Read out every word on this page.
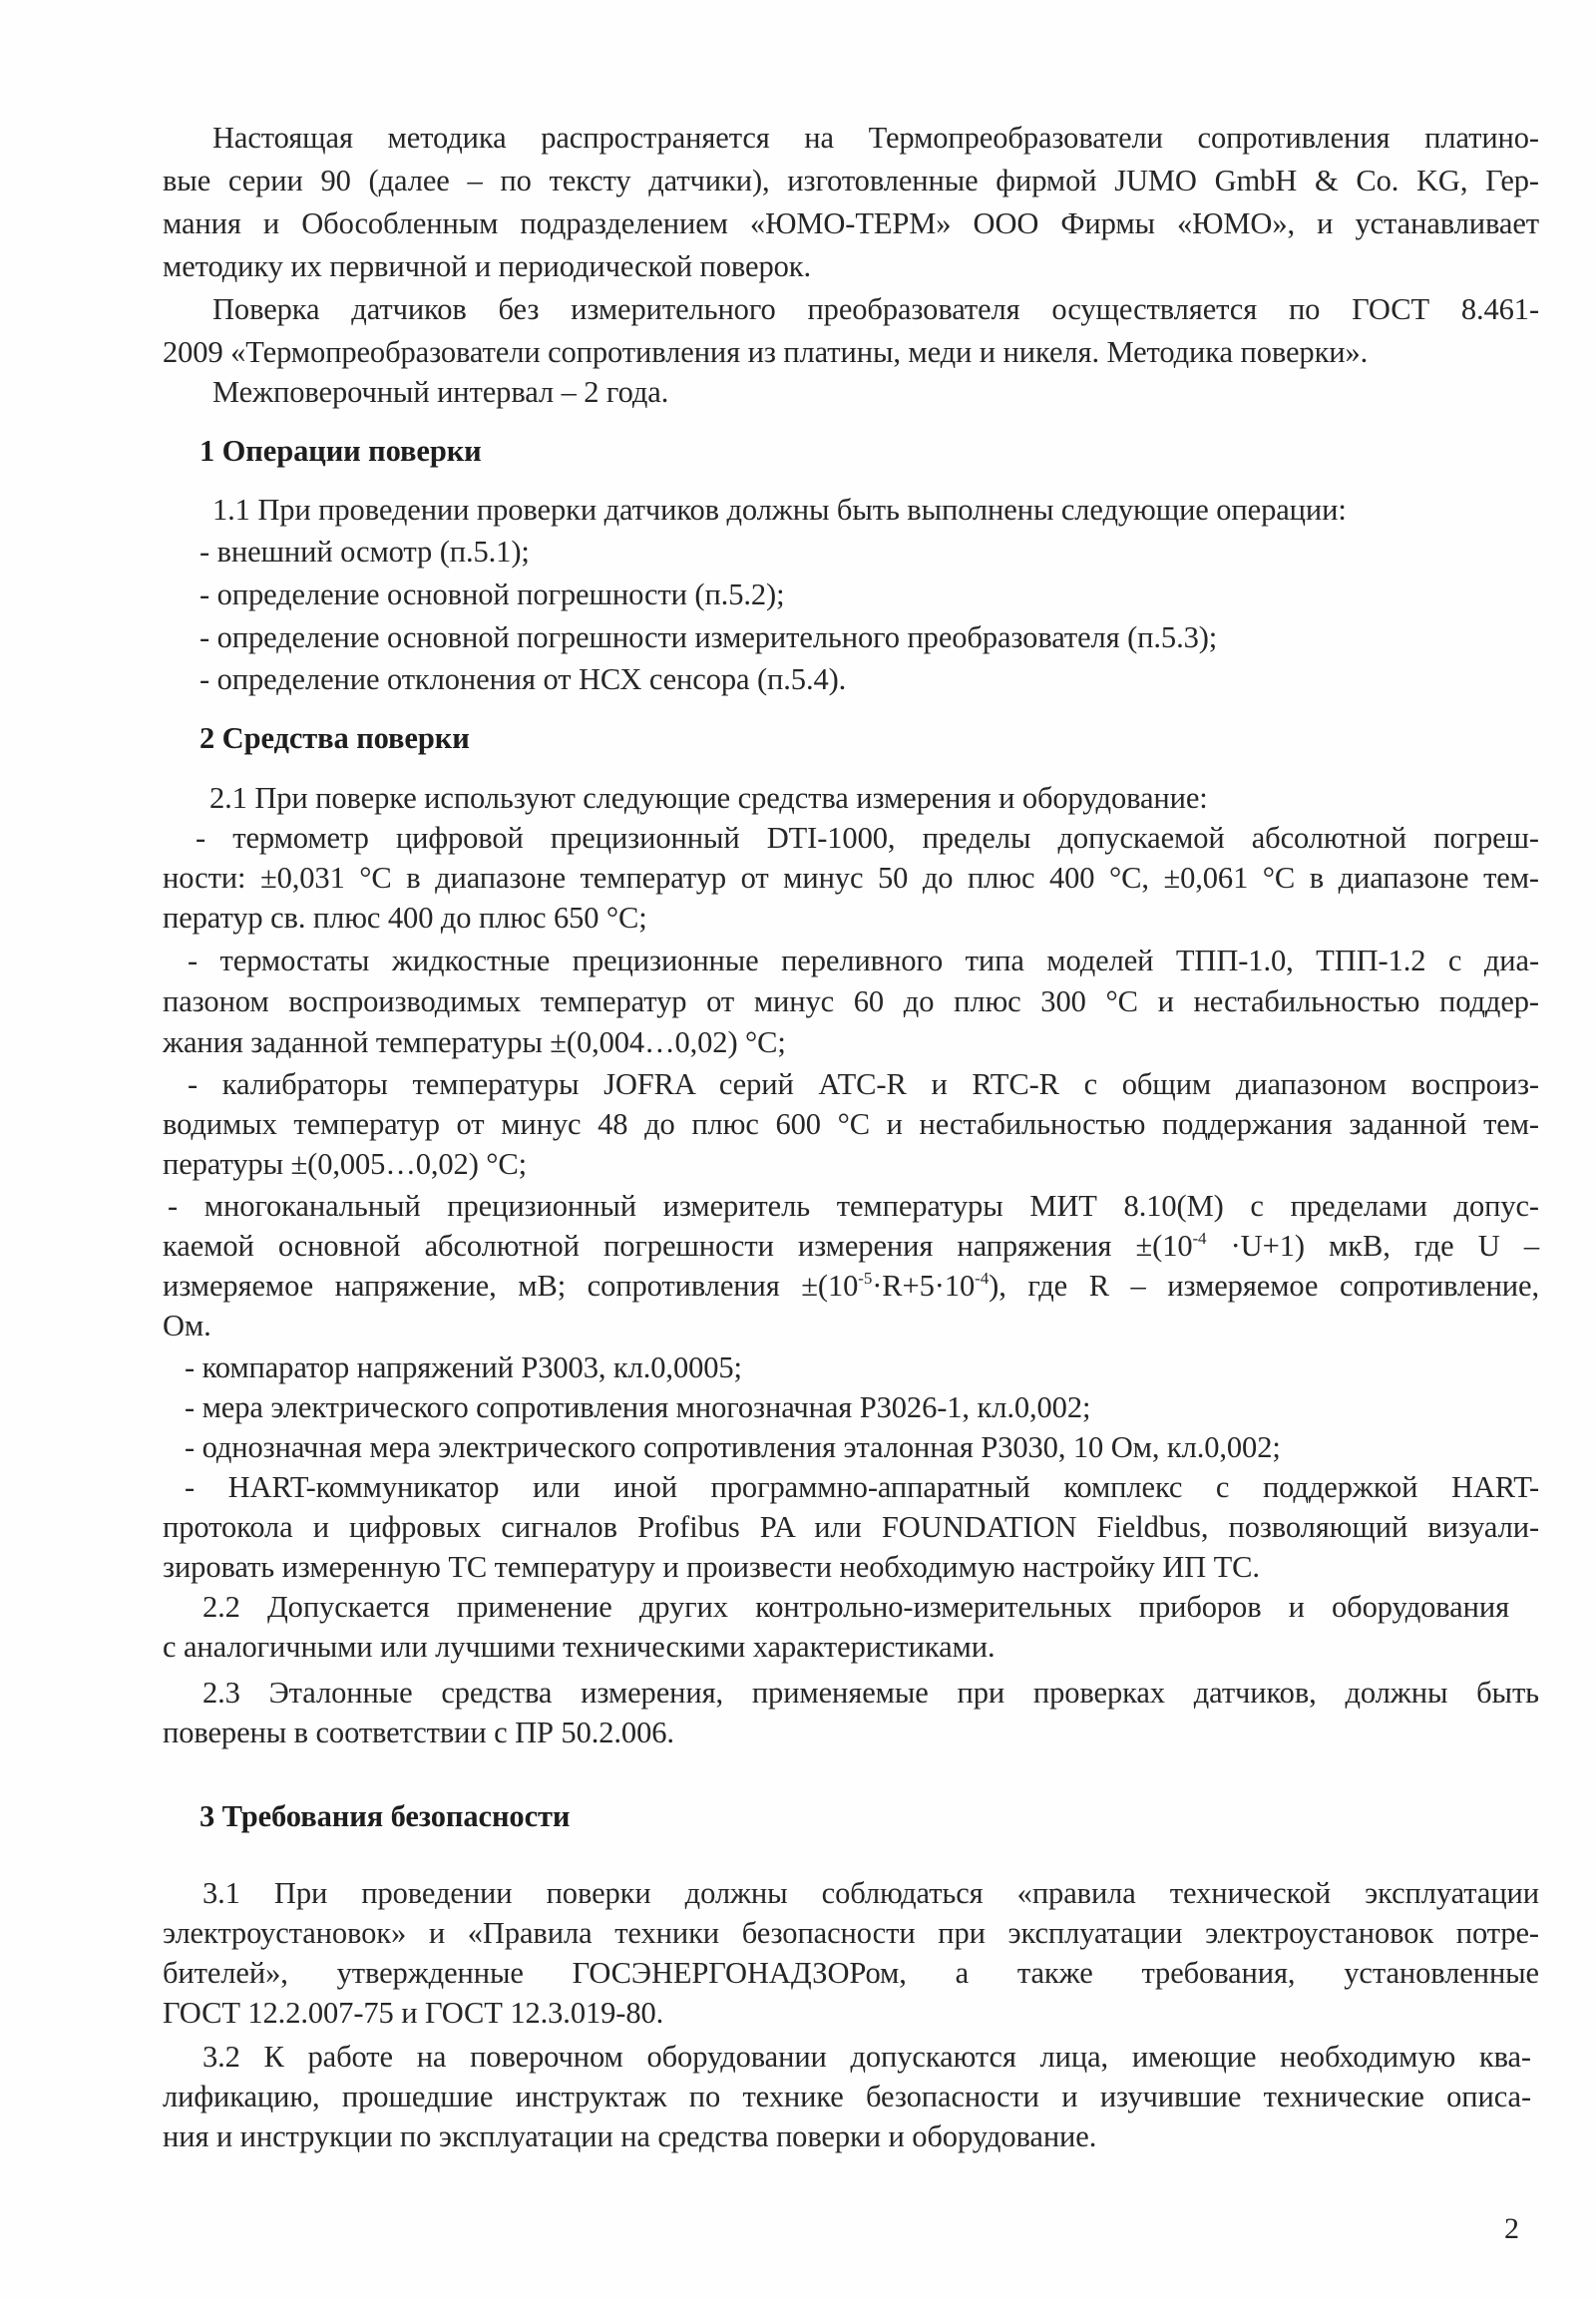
Настоящая методика распространяется на Термопреобразователи сопротивления платино-
вые серии 90 (далее – по тексту датчики), изготовленные фирмой JUMO GmbH & Co. KG, Гер-
мания и Обособленным подразделением «ЮМО-ТЕРМ» ООО Фирмы «ЮМО», и устанавливает
методику их первичной и периодической поверок.
Поверка датчиков без измерительного преобразователя осуществляется по ГОСТ 8.461-
2009 «Термопреобразователи сопротивления из платины, меди и никеля. Методика поверки».
Межповерочный интервал – 2 года.
1 Операции поверки
1.1 При проведении проверки датчиков должны быть выполнены следующие операции:
- внешний осмотр (п.5.1);
- определение основной погрешности (п.5.2);
- определение основной погрешности измерительного преобразователя (п.5.3);
- определение отклонения от НСХ сенсора (п.5.4).
2 Средства поверки
2.1 При поверке используют следующие средства измерения и оборудование:
- термометр цифровой прецизионный DTI-1000, пределы допускаемой абсолютной погреш-
ности: ±0,031 °С в диапазоне температур от минус 50 до плюс 400 °С, ±0,061 °С в диапазоне тем-
ператур св. плюс 400 до плюс 650 °С;
- термостаты жидкостные прецизионные переливного типа моделей ТПП-1.0, ТПП-1.2 с диа-
пазоном воспроизводимых температур от минус 60 до плюс 300 °С и нестабильностью поддер-
жания заданной температуры ±(0,004…0,02) °С;
- калибраторы температуры JOFRA серий АТС-R и RTC-R с общим диапазоном воспроиз-
водимых температур от минус 48 до плюс 600 °С и нестабильностью поддержания заданной тем-
пературы ±(0,005…0,02) °С;
- многоканальный прецизионный измеритель температуры МИТ 8.10(М) с пределами допус-
каемой основной абсолютной погрешности измерения напряжения $\pm(10^{-4} \cdot U+1)$ мкВ, где U –
измеряемое напряжение, мВ; сопротивления $\pm(10^{-5}\cdot R+5\cdot 10^{-4})$, где R – измеряемое сопротивление,
Ом.
- компаратор напряжений Р3003, кл.0,0005;
- мера электрического сопротивления многозначная Р3026-1, кл.0,002;
- однозначная мера электрического сопротивления эталонная Р3030, 10 Ом, кл.0,002;
- HART-коммуникатор или иной программно-аппаратный комплекс с поддержкой HART-
протокола и цифровых сигналов Profibus PA или FOUNDATION Fieldbus, позволяющий визуали-
зировать измеренную ТС температуру и произвести необходимую настройку ИП ТС.
2.2 Допускается применение других контрольно-измерительных приборов и оборудования
с аналогичными или лучшими техническими характеристиками.
2.3 Эталонные средства измерения, применяемые при проверках датчиков, должны быть
поверены в соответствии с ПР 50.2.006.
3 Требования безопасности
3.1 При проведении поверки должны соблюдаться «правила технической эксплуатации
электроустановок» и «Правила техники безопасности при эксплуатации электроустановок потре-
бителей», утвержденные ГОСЭНЕРГОНАДЗОРом, а также требования, установленные
ГОСТ 12.2.007-75 и ГОСТ 12.3.019-80.
3.2 К работе на поверочном оборудовании допускаются лица, имеющие необходимую ква-
лификацию, прошедшие инструктаж по технике безопасности и изучившие технические описа-
ния и инструкции по эксплуатации на средства поверки и оборудование.
2
